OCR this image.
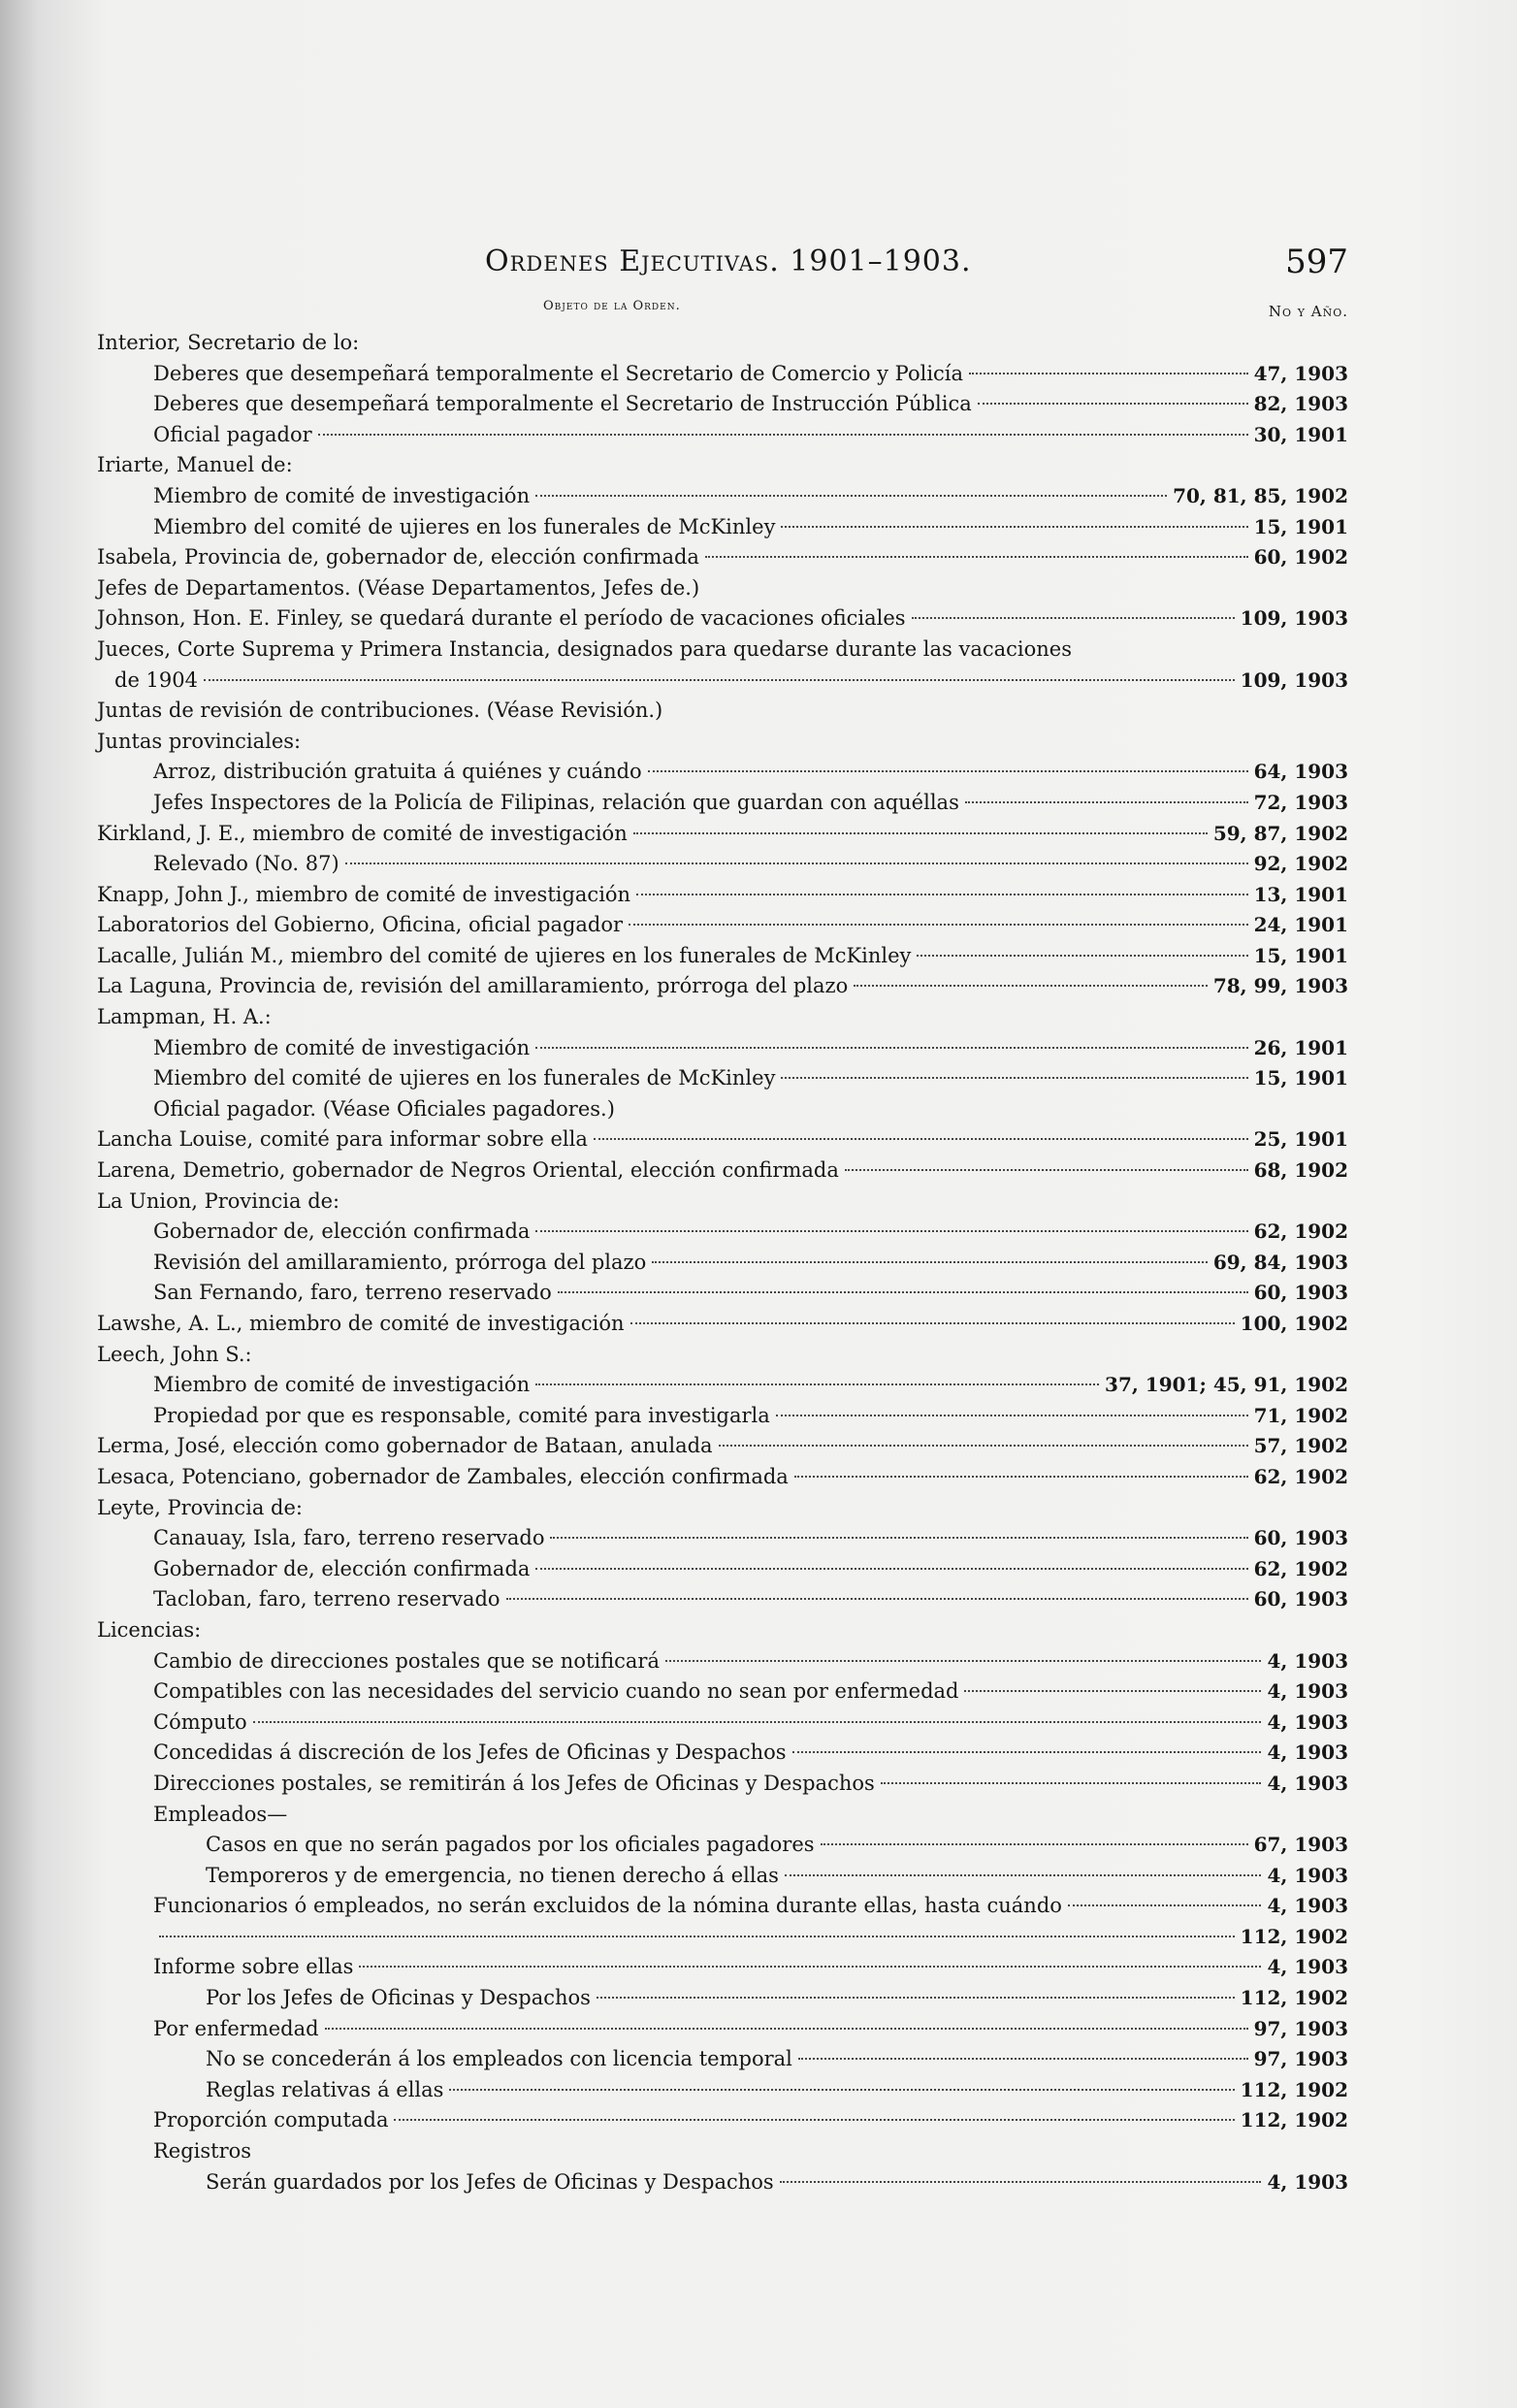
Ordenes Ejecutivas. 1901–1903.	597
Objeto de la Orden.	No y Año.
Interior, Secretario de lo:
Deberes que desempeñará temporalmente el Secretario de Comercio y Policía	47, 1903
Deberes que desempeñará temporalmente el Secretario de Instrucción Pública	82, 1903
Oficial pagador	30, 1901
Iriarte, Manuel de:
Miembro de comité de investigación	70, 81, 85, 1902
Miembro del comité de ujieres en los funerales de McKinley	15, 1901
Isabela, Provincia de, gobernador de, elección confirmada	60, 1902
Jefes de Departamentos. (Véase Departamentos, Jefes de.)
Johnson, Hon. E. Finley, se quedará durante el período de vacaciones oficiales	109, 1903
Jueces, Corte Suprema y Primera Instancia, designados para quedarse durante las vacaciones
de 1904	109, 1903
Juntas de revisión de contribuciones. (Véase Revisión.)
Juntas provinciales:
Arroz, distribución gratuita á quiénes y cuándo	64, 1903
Jefes Inspectores de la Policía de Filipinas, relación que guardan con aquéllas	72, 1903
Kirkland, J. E., miembro de comité de investigación	59, 87, 1902
Relevado (No. 87)	92, 1902
Knapp, John J., miembro de comité de investigación	13, 1901
Laboratorios del Gobierno, Oficina, oficial pagador	24, 1901
Lacalle, Julián M., miembro del comité de ujieres en los funerales de McKinley	15, 1901
La Laguna, Provincia de, revisión del amillaramiento, prórroga del plazo	78, 99, 1903
Lampman, H. A.:
Miembro de comité de investigación	26, 1901
Miembro del comité de ujieres en los funerales de McKinley	15, 1901
Oficial pagador. (Véase Oficiales pagadores.)
Lancha Louise, comité para informar sobre ella	25, 1901
Larena, Demetrio, gobernador de Negros Oriental, elección confirmada	68, 1902
La Union, Provincia de:
Gobernador de, elección confirmada	62, 1902
Revisión del amillaramiento, prórroga del plazo	69, 84, 1903
San Fernando, faro, terreno reservado	60, 1903
Lawshe, A. L., miembro de comité de investigación	100, 1902
Leech, John S.:
Miembro de comité de investigación	37, 1901; 45, 91, 1902
Propiedad por que es responsable, comité para investigarla	71, 1902
Lerma, José, elección como gobernador de Bataan, anulada	57, 1902
Lesaca, Potenciano, gobernador de Zambales, elección confirmada	62, 1902
Leyte, Provincia de:
Canauay, Isla, faro, terreno reservado	60, 1903
Gobernador de, elección confirmada	62, 1902
Tacloban, faro, terreno reservado	60, 1903
Licencias:
Cambio de direcciones postales que se notificará	4, 1903
Compatibles con las necesidades del servicio cuando no sean por enfermedad	4, 1903
Cómputo	4, 1903
Concedidas á discreción de los Jefes de Oficinas y Despachos	4, 1903
Direcciones postales, se remitirán á los Jefes de Oficinas y Despachos	4, 1903
Empleados—
Casos en que no serán pagados por los oficiales pagadores	67, 1903
Temporeros y de emergencia, no tienen derecho á ellas	4, 1903
Funcionarios ó empleados, no serán excluidos de la nómina durante ellas, hasta cuándo	4, 1903
112, 1902
Informe sobre ellas	4, 1903
Por los Jefes de Oficinas y Despachos	112, 1902
Por enfermedad	97, 1903
No se concederán á los empleados con licencia temporal	97, 1903
Reglas relativas á ellas	112, 1902
Proporción computada	112, 1902
Registros
Serán guardados por los Jefes de Oficinas y Despachos	4, 1903
